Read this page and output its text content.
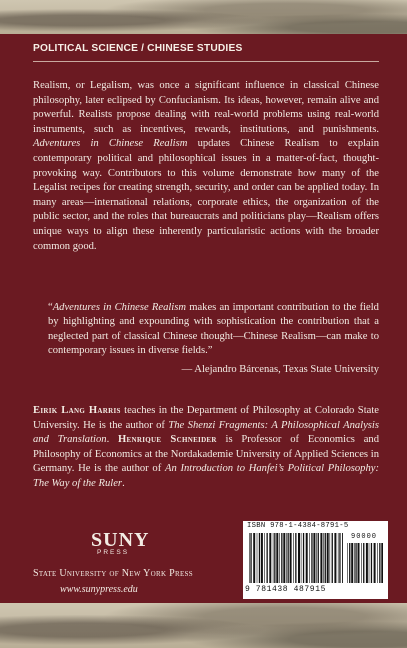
POLITICAL SCIENCE / CHINESE STUDIES

Realism, or Legalism, was once a significant influence in classical Chinese philosophy, later eclipsed by Confucianism. Its ideas, however, remain alive and powerful. Realists propose dealing with real-world problems using real-world instruments, such as incentives, rewards, institutions, and punishments. Adventures in Chinese Realism updates Chinese Realism to explain contemporary political and philosophical issues in a matter-of-fact, thought-provoking way. Contributors to this volume demonstrate how many of the Legalist recipes for creating strength, security, and order can be applied today. In many areas—international relations, corporate ethics, the organization of the public sector, and the roles that bureaucrats and politicians play—Realism offers unique ways to align these inherently particularistic actions with the broader common good.

“Adventures in Chinese Realism makes an important contribution to the field by highlighting and expounding with sophistication the contribution that a neglected part of classical Chinese thought—Chinese Realism—can make to contemporary issues in diverse fields.”

— Alejandro Bárcenas, Texas State University

Eirik Lang Harris teaches in the Department of Philosophy at Colorado State University. He is the author of The Shenzi Fragments: A Philosophical Analysis and Translation. Henrique Schneider is Professor of Economics and Philosophy of Economics at the Nordakademie University of Applied Sciences in Germany. He is the author of An Introduction to Hanfei’s Political Philosophy: The Way of the Ruler.

SUNY
PRESS
State University of New York Press
www.sunypress.edu
ISBN 978-1-4384-8791-5
90000
9 781438 487915
